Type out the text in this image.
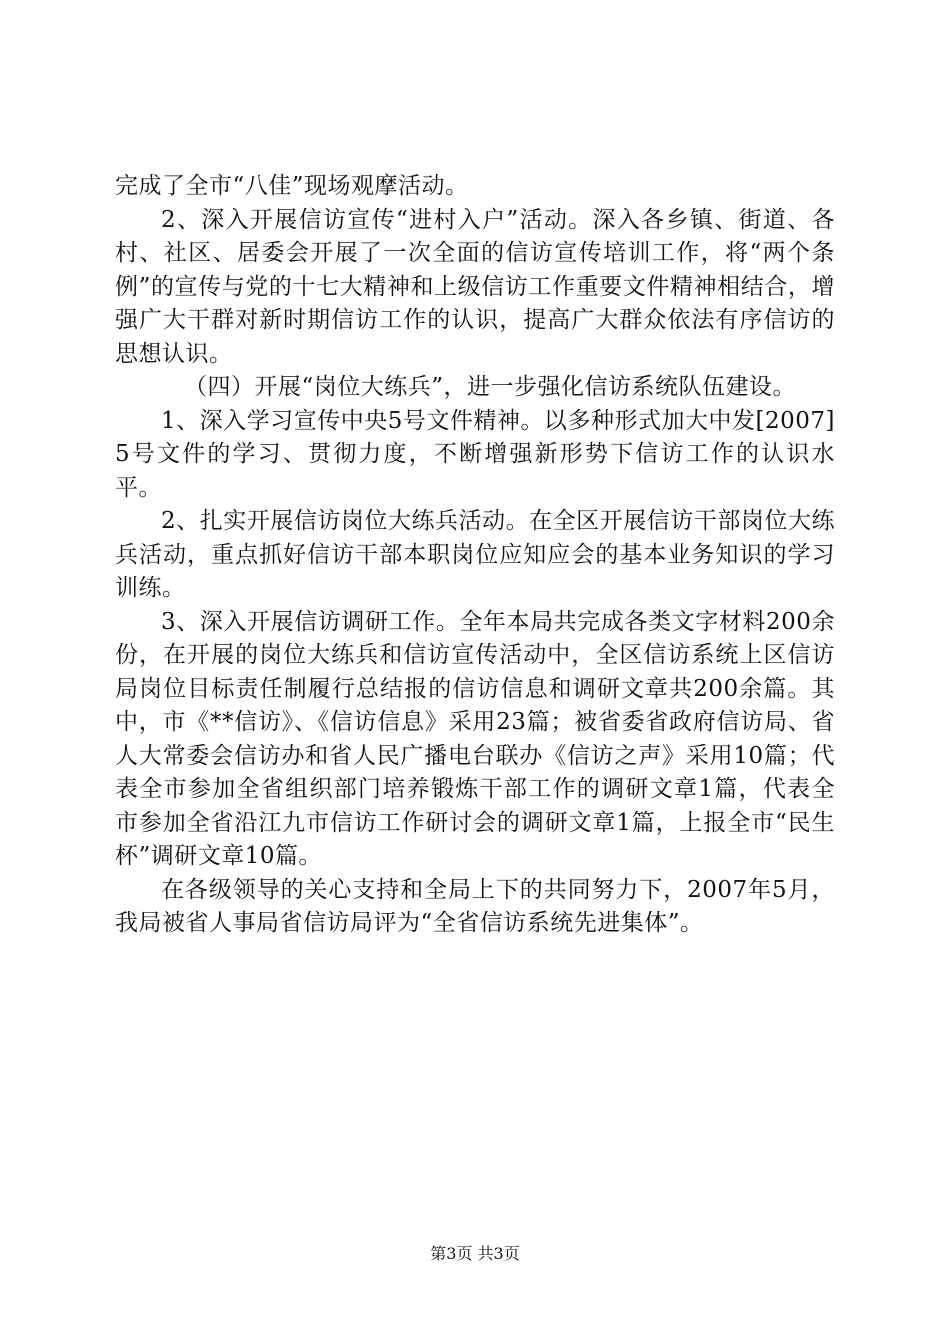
完成了全市“八佳”现场观摩活动。

2、深入开展信访宣传“进村入户”活动。深入各乡镇、街道、各村、社区、居委会开展了一次全面的信访宣传培训工作，将“两个条例”的宣传与党的十七大精神和上级信访工作重要文件精神相结合，增强广大干群对新时期信访工作的认识，提高广大群众依法有序信访的思想认识。

（四）开展“岗位大练兵”，进一步强化信访系统队伍建设。

1、深入学习宣传中央5号文件精神。以多种形式加大中发[2007]5号文件的学习、贯彻力度，不断增强新形势下信访工作的认识水平。

2、扎实开展信访岗位大练兵活动。在全区开展信访干部岗位大练兵活动，重点抓好信访干部本职岗位应知应会的基本业务知识的学习训练。

3、深入开展信访调研工作。全年本局共完成各类文字材料200余份，在开展的岗位大练兵和信访宣传活动中，全区信访系统上区信访局岗位目标责任制履行总结报的信访信息和调研文章共200余篇。其中，市《**信访》、《信访信息》采用23篇；被省委省政府信访局、省人大常委会信访办和省人民广播电台联办《信访之声》采用10篇；代表全市参加全省组织部门培养锻炼干部工作的调研文章1篇，代表全市参加全省沿江九市信访工作研讨会的调研文章1篇，上报全市“民生杯”调研文章10篇。

在各级领导的关心支持和全局上下的共同努力下，2007年5月，我局被省人事局省信访局评为“全省信访系统先进集体”。

第3页 共3页
